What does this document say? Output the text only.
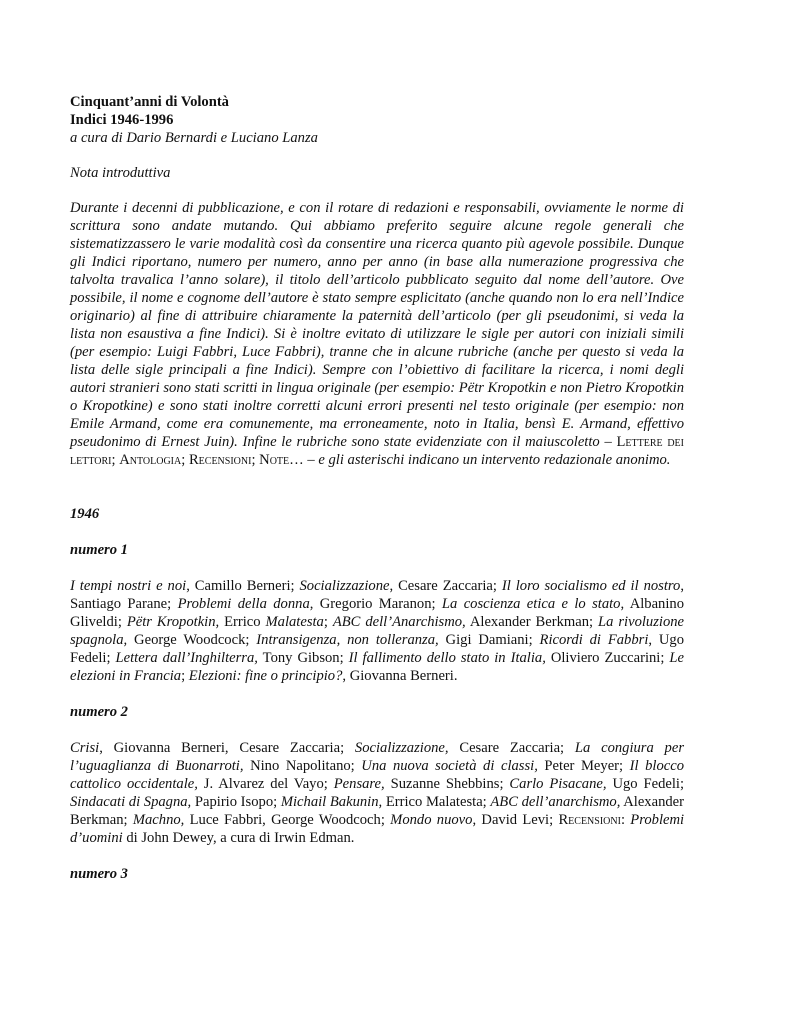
Cinquant’anni di Volontà
Indici 1946-1996
a cura di Dario Bernardi e Luciano Lanza
Nota introduttiva

Durante i decenni di pubblicazione, e con il rotare di redazioni e responsabili, ovviamente le norme di scrittura sono andate mutando. Qui abbiamo preferito seguire alcune regole generali che sistematizzassero le varie modalità così da consentire una ricerca quanto più agevole possibile. Dunque gli Indici riportano, numero per numero, anno per anno (in base alla numerazione progressiva che talvolta travalica l’anno solare), il titolo dell’articolo pubblicato seguito dal nome dell’autore. Ove possibile, il nome e cognome dell’autore è stato sempre esplicitato (anche quando non lo era nell’Indice originario) al fine di attribuire chiaramente la paternità dell’articolo (per gli pseudonimi, si veda la lista non esaustiva a fine Indici). Si è inoltre evitato di utilizzare le sigle per autori con iniziali simili (per esempio: Luigi Fabbri, Luce Fabbri), tranne che in alcune rubriche (anche per questo si veda la lista delle sigle principali a fine Indici). Sempre con l’obiettivo di facilitare la ricerca, i nomi degli autori stranieri sono stati scritti in lingua originale (per esempio: Pëtr Kropotkin e non Pietro Kropotkin o Kropotkine) e sono stati inoltre corretti alcuni errori presenti nel testo originale (per esempio: non Emile Armand, come era comunemente, ma erroneamente, noto in Italia, bensì E. Armand, effettivo pseudonimo di Ernest Juin). Infine le rubriche sono state evidenziate con il maiuscoletto – Lettere dei lettori; Antologia; Recensioni; Note… – e gli asterischi indicano un intervento redazionale anonimo.

1946
numero 1

I tempi nostri e noi, Camillo Berneri; Socializzazione, Cesare Zaccaria; Il loro socialismo ed il nostro, Santiago Parane; Problemi della donna, Gregorio Maranon; La coscienza etica e lo stato, Albanino Gliveldi; Pëtr Kropotkin, Errico Malatesta; ABC dell’Anarchismo, Alexander Berkman; La rivoluzione spagnola, George Woodcock; Intransigenza, non tolleranza, Gigi Damiani; Ricordi di Fabbri, Ugo Fedeli; Lettera dall’Inghilterra, Tony Gibson; Il fallimento dello stato in Italia, Oliviero Zuccarini; Le elezioni in Francia; Elezioni: fine o principio?, Giovanna Berneri.

numero 2

Crisi, Giovanna Berneri, Cesare Zaccaria; Socializzazione, Cesare Zaccaria; La congiura per l’uguaglianza di Buonarroti, Nino Napolitano; Una nuova società di classi, Peter Meyer; Il blocco cattolico occidentale, J. Alvarez del Vayo; Pensare, Suzanne Shebbins; Carlo Pisacane, Ugo Fedeli; Sindacati di Spagna, Papirio Isopo; Michail Bakunin, Errico Malatesta; ABC dell’anarchismo, Alexander Berkman; Machno, Luce Fabbri, George Woodcoch; Mondo nuovo, David Levi; Recensioni: Problemi d’uomini di John Dewey, a cura di Irwin Edman.

numero 3
